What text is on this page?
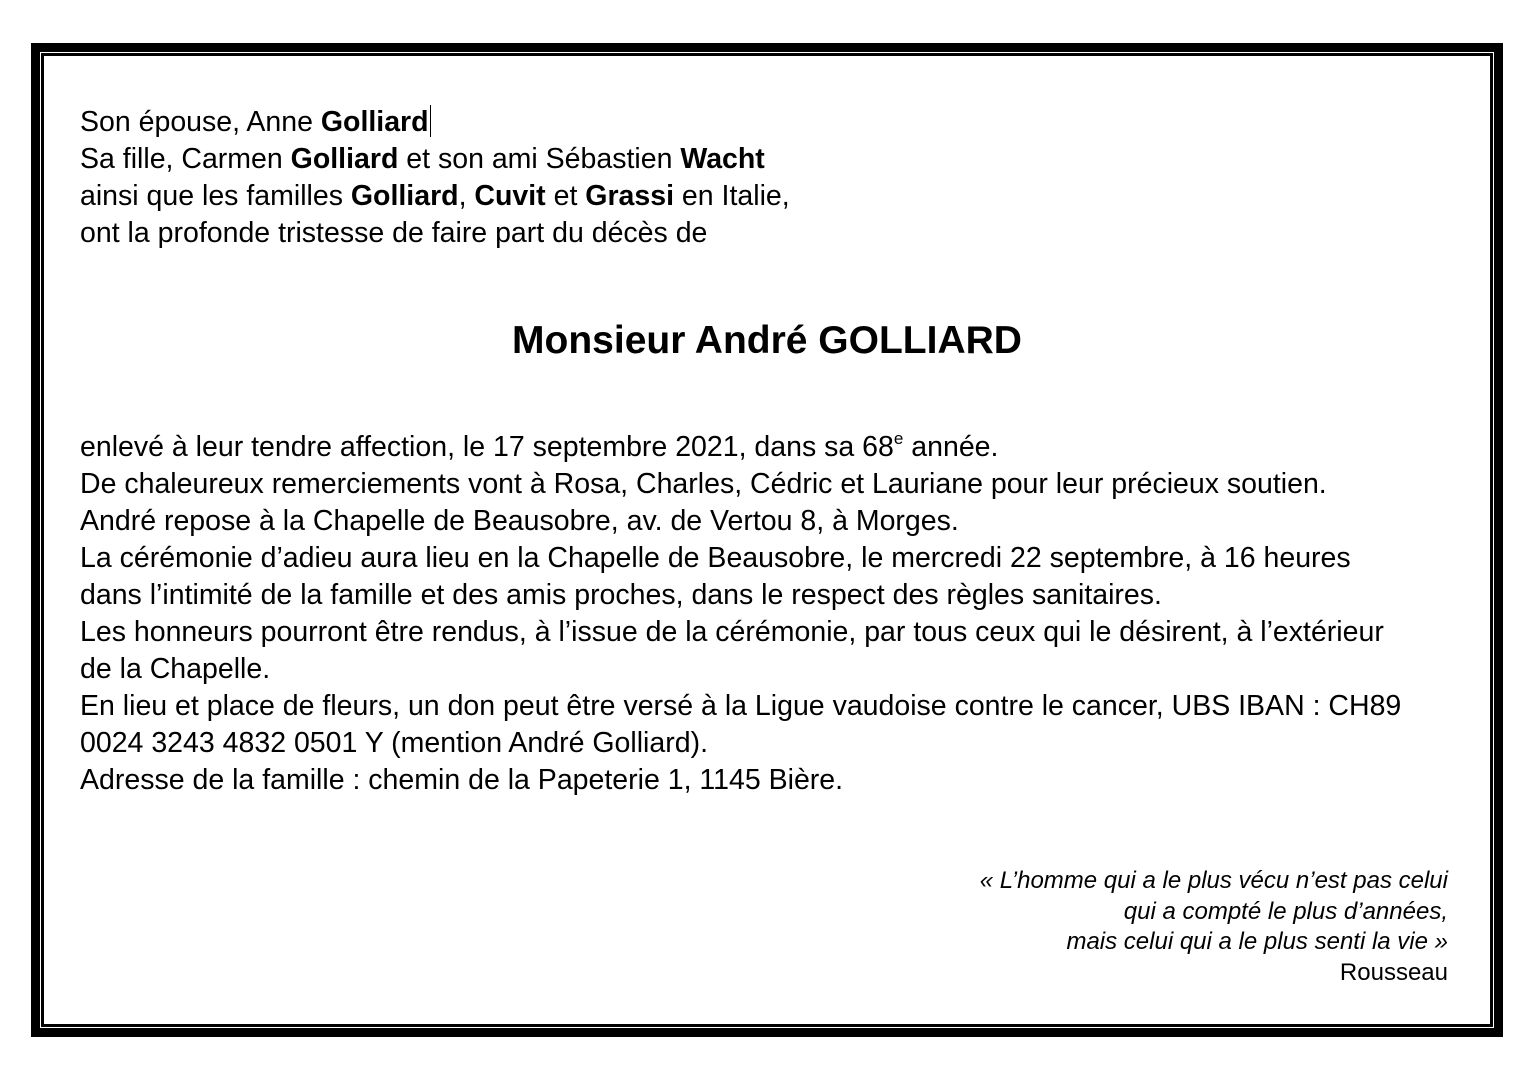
Son épouse, Anne Golliard
Sa fille, Carmen Golliard et son ami Sébastien Wacht
ainsi que les familles Golliard, Cuvit et Grassi en Italie,
ont la profonde tristesse de faire part du décès de
Monsieur André GOLLIARD
enlevé à leur tendre affection, le 17 septembre 2021, dans sa 68e année.
De chaleureux remerciements vont à Rosa, Charles, Cédric et Lauriane pour leur précieux soutien.
André repose à la Chapelle de Beausobre, av. de Vertou 8, à Morges.
La cérémonie d’adieu aura lieu en la Chapelle de Beausobre, le mercredi 22 septembre, à 16 heures dans l’intimité de la famille et des amis proches, dans le respect des règles sanitaires.
Les honneurs pourront être rendus, à l’issue de la cérémonie, par tous ceux qui le désirent, à l’extérieur de la Chapelle.
En lieu et place de fleurs, un don peut être versé à la Ligue vaudoise contre le cancer, UBS IBAN : CH89 0024 3243 4832 0501 Y (mention André Golliard).
Adresse de la famille : chemin de la Papeterie 1, 1145 Bière.
« L’homme qui a le plus vécu n’est pas celui
qui a compté le plus d’années,
mais celui qui a le plus senti la vie »
Rousseau
